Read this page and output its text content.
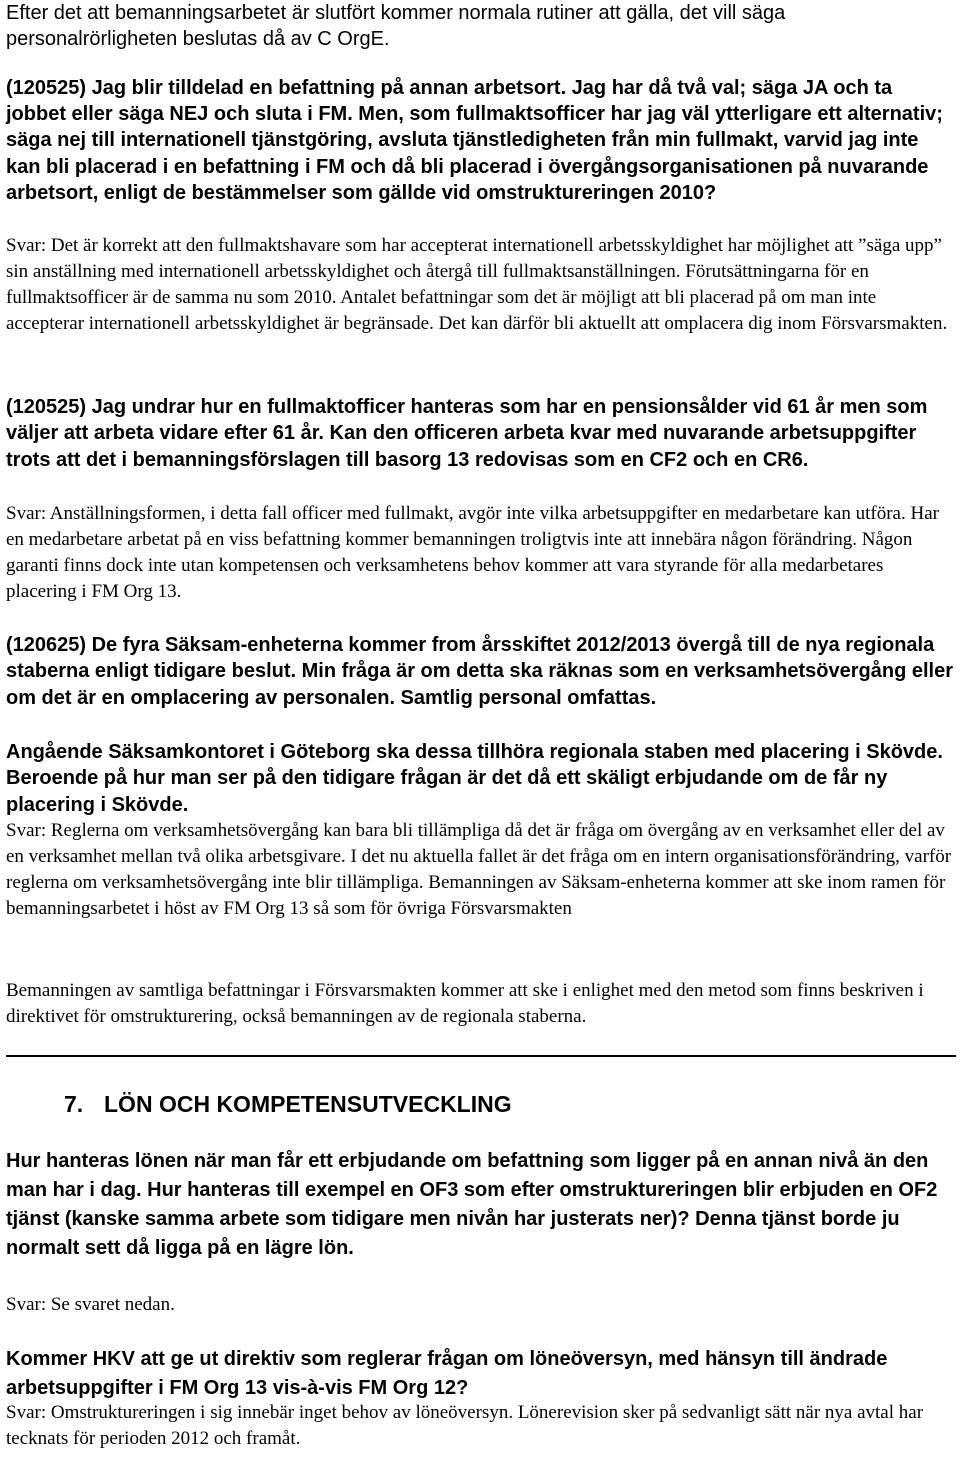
Efter det att bemanningsarbetet är slutfört kommer normala rutiner att gälla, det vill säga personalrörligheten beslutas då av C OrgE.

(120525) Jag blir tilldelad en befattning på annan arbetsort. Jag har då två val; säga JA och ta jobbet eller säga NEJ och sluta i FM. Men, som fullmaktsofficer har jag väl ytterligare ett alternativ; säga nej till internationell tjänstgöring, avsluta tjänstledigheten från min fullmakt, varvid jag inte kan bli placerad i en befattning i FM och då bli placerad i övergångsorganisationen på nuvarande arbetsort, enligt de bestämmelser som gällde vid omstruktureringen 2010?

Svar: Det är korrekt att den fullmaktshavare som har accepterat internationell arbetsskyldighet har möjlighet att ”säga upp” sin anställning med internationell arbetsskyldighet och återgå till fullmaktsanställningen. Förutsättningarna för en fullmaktsofficer är de samma nu som 2010. Antalet befattningar som det är möjligt att bli placerad på om man inte accepterar internationell arbetsskyldighet är begränsade. Det kan därför bli aktuellt att omplacera dig inom Försvarsmakten.

(120525) Jag undrar hur en fullmaktofficer hanteras som har en pensionsålder vid 61 år men som väljer att arbeta vidare efter 61 år. Kan den officeren arbeta kvar med nuvarande arbetsuppgifter trots att det i bemanningsförslagen till basorg 13 redovisas som en CF2 och en CR6.

Svar: Anställningsformen, i detta fall officer med fullmakt, avgör inte vilka arbetsuppgifter en medarbetare kan utföra. Har en medarbetare arbetat på en viss befattning kommer bemanningen troligtvis inte att innebära någon förändring. Någon garanti finns dock inte utan kompetensen och verksamhetens behov kommer att vara styrande för alla medarbetares placering i FM Org 13.

(120625) De fyra Säksam-enheterna kommer from årsskiftet 2012/2013 övergå till de nya regionala staberna enligt tidigare beslut. Min fråga är om detta ska räknas som en verksamhetsövergång eller om det är en omplacering av personalen. Samtlig personal omfattas.

Angående Säksamkontoret i Göteborg ska dessa tillhöra regionala staben med placering i Skövde. Beroende på hur man ser på den tidigare frågan är det då ett skäligt erbjudande om de får ny placering i Skövde.

Svar: Reglerna om verksamhetsövergång kan bara bli tillämpliga då det är fråga om övergång av en verksamhet eller del av en verksamhet mellan två olika arbetsgivare. I det nu aktuella fallet är det fråga om en intern organisationsförändring, varför reglerna om verksamhetsövergång inte blir tillämpliga. Bemanningen av Säksam-enheterna kommer att ske inom ramen för bemanningsarbetet i höst av FM Org 13 så som för övriga Försvarsmakten

Bemanningen av samtliga befattningar i Försvarsmakten kommer att ske i enlighet med den metod som finns beskriven i direktivet för omstrukturering, också bemanningen av de regionala staberna.

7. LÖN OCH KOMPETENSUTVECKLING

Hur hanteras lönen när man får ett erbjudande om befattning som ligger på en annan nivå än den man har i dag. Hur hanteras till exempel en OF3 som efter omstruktureringen blir erbjuden en OF2 tjänst (kanske samma arbete som tidigare men nivån har justerats ner)? Denna tjänst borde ju normalt sett då ligga på en lägre lön.

Svar: Se svaret nedan.

Kommer HKV att ge ut direktiv som reglerar frågan om löneöversyn, med hänsyn till ändrade arbetsuppgifter i FM Org 13 vis-à-vis FM Org 12?

Svar: Omstruktureringen i sig innebär inget behov av löneöversyn. Lönerevision sker på sedvanligt sätt när nya avtal har tecknats för perioden 2012 och framåt.
